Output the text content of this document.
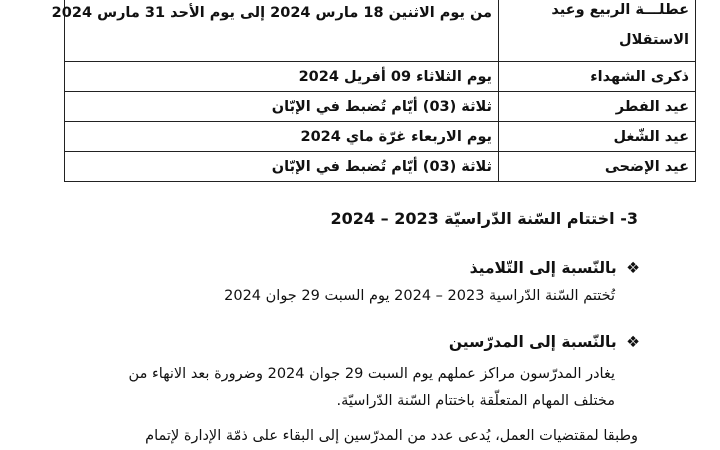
عطلـــة الربيع وعيد الاستقلال	من يوم الاثنين 18 مارس 2024 إلى يوم الأحد 31 مارس 2024
ذكرى الشهداء	يوم الثلاثاء 09 أفريل 2024
عيد الفطر	ثلاثة (03) أيّام تُضبط في الإبّان
عيد الشّغل	يوم الاربعاء غرّة ماي 2024
عيد الإضحى	ثلاثة (03) أيّام تُضبط في الإبّان
3- اختتام السّنة الدّراسيّة 2023 – 2024
❖ بالنّسبة إلى التّلاميذ
تُختتم السّنة الدّراسية 2023 – 2024 يوم السبت 29 جوان 2024
❖ بالنّسبة إلى المدرّسين
يغادر المدرّسون مراكز عملهم يوم السبت 29 جوان 2024 وضرورة بعد الانهاء من
مختلف المهام المتعلّقة باختتام السّنة الدّراسيّة.
وطبقا لمقتضيات العمل، يُدعى عدد من المدرّسين إلى البقاء على ذمّة الإدارة لإتمام
